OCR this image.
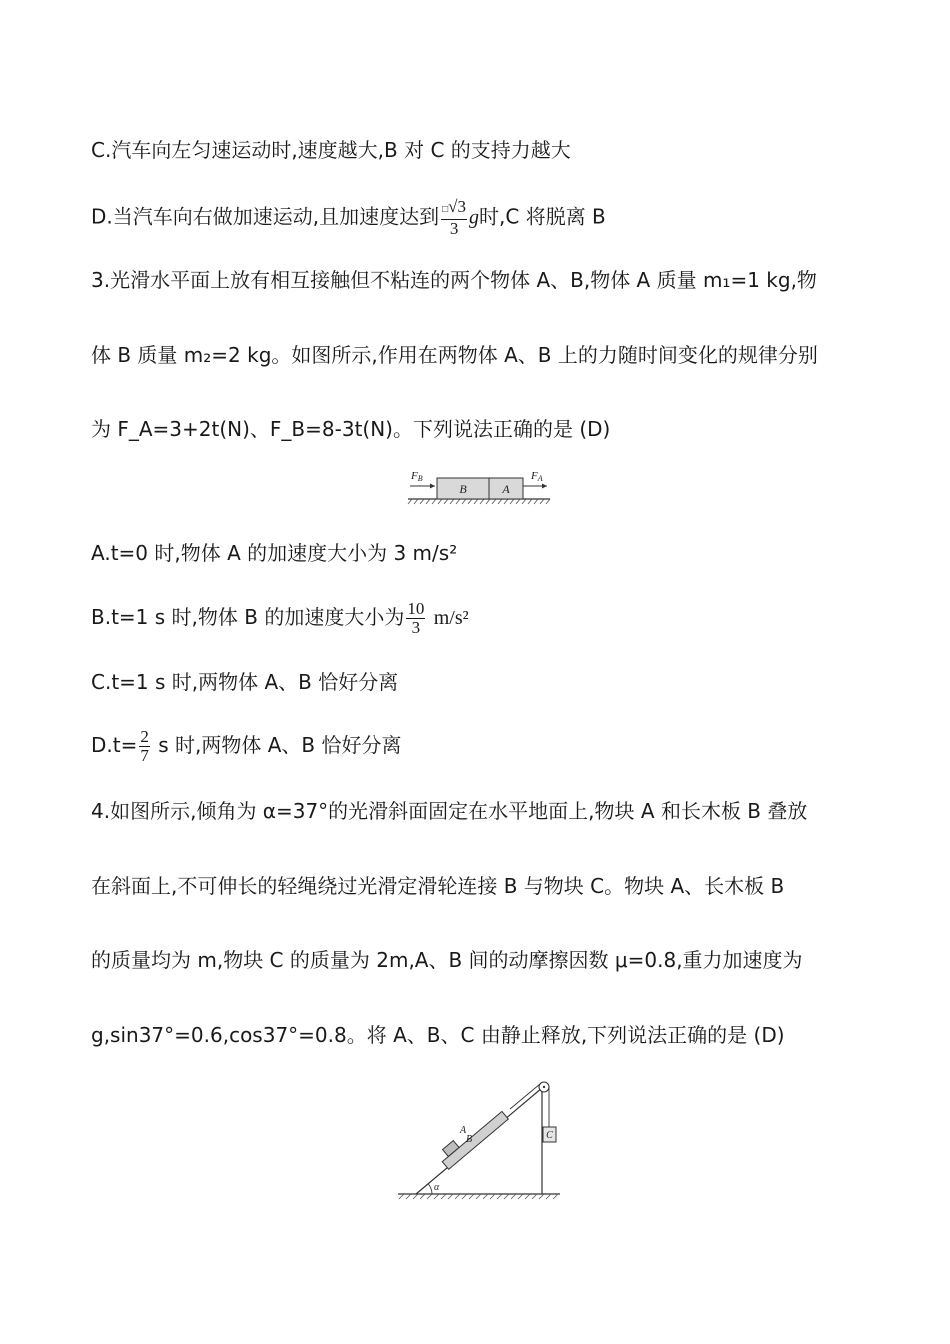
C.汽车向左匀速运动时,速度越大,B 对 C 的支持力越大
D.当汽车向右做加速运动,且加速度达到 $\frac{□√3}{3}$ g时,C 将脱离 B
3.光滑水平面上放有相互接触但不粘连的两个物体 A、B,物体 A 质量 m₁=1 kg,物
体 B 质量 m₂=2 kg。如图所示,作用在两物体 A、B 上的力随时间变化的规律分别
为 F_A=3+2t(N)、F_B=8-3t(N)。下列说法正确的是 (D)
B	A
FB	FA
A.t=0 时,物体 A 的加速度大小为 3 m/s²
B.t=1 s 时,物体 B 的加速度大小为 $\frac{10}{3} m/s^2$
C.t=1 s 时,两物体 A、B 恰好分离
$D.t= \frac{2}{7}$ s 时,两物体 A、B 恰好分离
4.如图所示,倾角为 α=37°的光滑斜面固定在水平地面上,物块 A 和长木板 B 叠放
在斜面上,不可伸长的轻绳绕过光滑定滑轮连接 B 与物块 C。物块 A、长木板 B
的质量均为 m,物块 C 的质量为 2m,A、B 间的动摩擦因数 μ=0.8,重力加速度为
g,sin37°=0.6,cos37°=0.8。将 A、B、C 由静止释放,下列说法正确的是 (D)
α
A
B	C
